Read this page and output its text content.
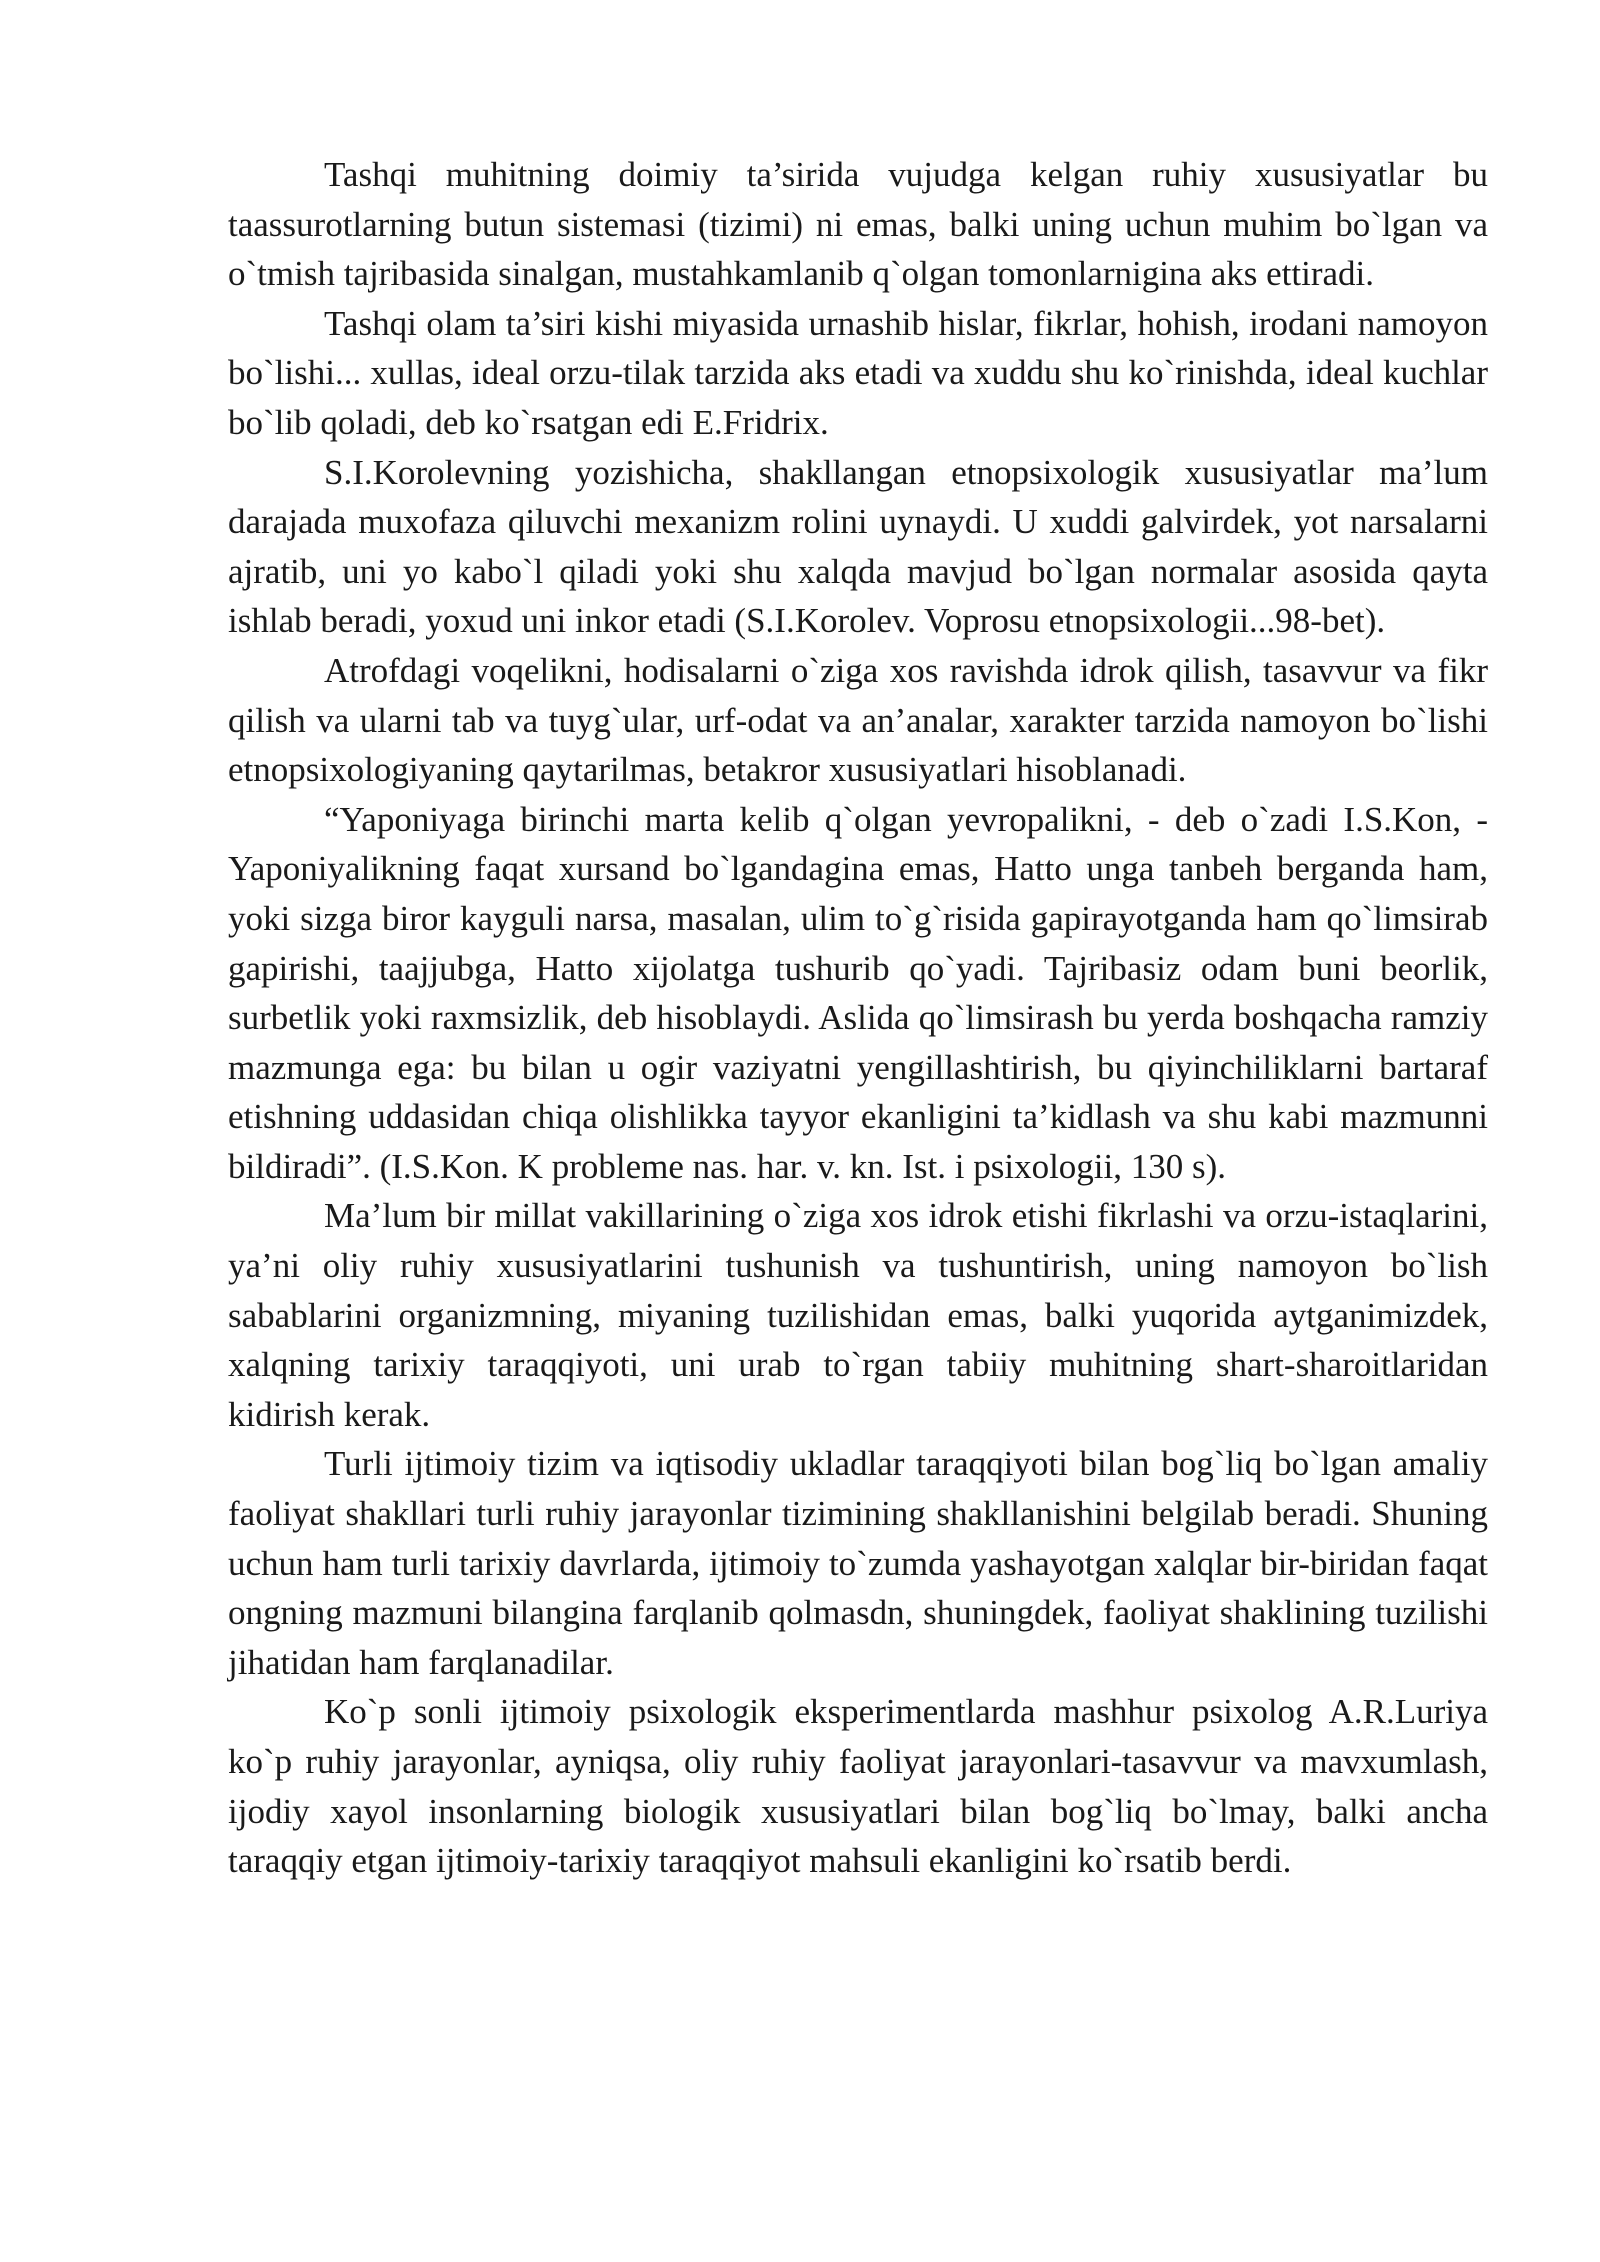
Tashqi muhitning doimiy ta’sirida vujudga kelgan ruhiy xususiyatlar bu taassurotlarning butun sistemasi (tizimi) ni emas, balki uning uchun muhim bo`lgan va o`tmish tajribasida sinalgan, mustahkamlanib q`olgan tomonlarnigina aks ettiradi.

Tashqi olam ta’siri kishi miyasida urnashib hislar, fikrlar, hohish, irodani namoyon bo`lishi... xullas, ideal orzu-tilak tarzida aks etadi va xuddu shu ko`rinishda, ideal kuchlar bo`lib qoladi, deb ko`rsatgan edi E.Fridrix.

S.I.Korolevning yozishicha, shakllangan etnopsixologik xususiyatlar ma’lum darajada muxofaza qiluvchi mexanizm rolini uynaydi. U xuddi galvirdek, yot narsalarni ajratib, uni yo kabo`l qiladi yoki shu xalqda mavjud bo`lgan normalar asosida qayta ishlab beradi, yoxud uni inkor etadi (S.I.Korolev. Voprosu etnopsixologii...98-bet).

Atrofdagi voqelikni, hodisalarni o`ziga xos ravishda idrok qilish, tasavvur va fikr qilish va ularni tab va tuyg`ular, urf-odat va an’analar, xarakter tarzida namoyon bo`lishi etnopsixologiyaning qaytarilmas, betakror xususiyatlari hisoblanadi.

“Yaponiyaga birinchi marta kelib q`olgan yevropalikni, - deb o`zadi I.S.Kon, - Yaponiyalikning faqat xursand bo`lgandagina emas, Hatto unga tanbeh berganda ham, yoki sizga biror kayguli narsa, masalan, ulim to`g`risida gapirayotganda ham qo`limsirab gapirishi, taajjubga, Hatto xijolatga tushurib qo`yadi. Tajribasiz odam buni beorlik, surbetlik yoki raxmsizlik, deb hisoblaydi. Aslida qo`limsirash bu yerda boshqacha ramziy mazmunga ega: bu bilan u ogir vaziyatni yengillashtirish, bu qiyinchiliklarni bartaraf etishning uddasidan chiqa olishlikka tayyor ekanligini ta’kidlash va shu kabi mazmunni bildiradi”. (I.S.Kon. K probleme nas. har. v. kn. Ist. i psixologii, 130 s).

Ma’lum bir millat vakillarining o`ziga xos idrok etishi fikrlashi va orzu-istaqlarini, ya’ni oliy ruhiy xususiyatlarini tushunish va tushuntirish, uning namoyon bo`lish sabablarini organizmning, miyaning tuzilishidan emas, balki yuqorida aytganimizdek, xalqning tarixiy taraqqiyoti, uni urab to`rgan tabiiy muhitning shart-sharoitlaridan kidirish kerak.

Turli ijtimoiy tizim va iqtisodiy ukladlar taraqqiyoti bilan bog`liq bo`lgan amaliy faoliyat shakllari turli ruhiy jarayonlar tizimining shakllanishini belgilab beradi. Shuning uchun ham turli tarixiy davrlarda, ijtimoiy to`zumda yashayotgan xalqlar bir-biridan faqat ongning mazmuni bilangina farqlanib qolmasdn, shuningdek, faoliyat shaklining tuzilishi jihatidan ham farqlanadilar.

Ko`p sonli ijtimoiy psixologik eksperimentlarda mashhur psixolog A.R.Luriya ko`p ruhiy jarayonlar, ayniqsa, oliy ruhiy faoliyat jarayonlari-tasavvur va mavxumlash, ijodiy xayol insonlarning biologik xususiyatlari bilan bog`liq bo`lmay, balki ancha taraqqiy etgan ijtimoiy-tarixiy taraqqiyot mahsuli ekanligini ko`rsatib berdi.
